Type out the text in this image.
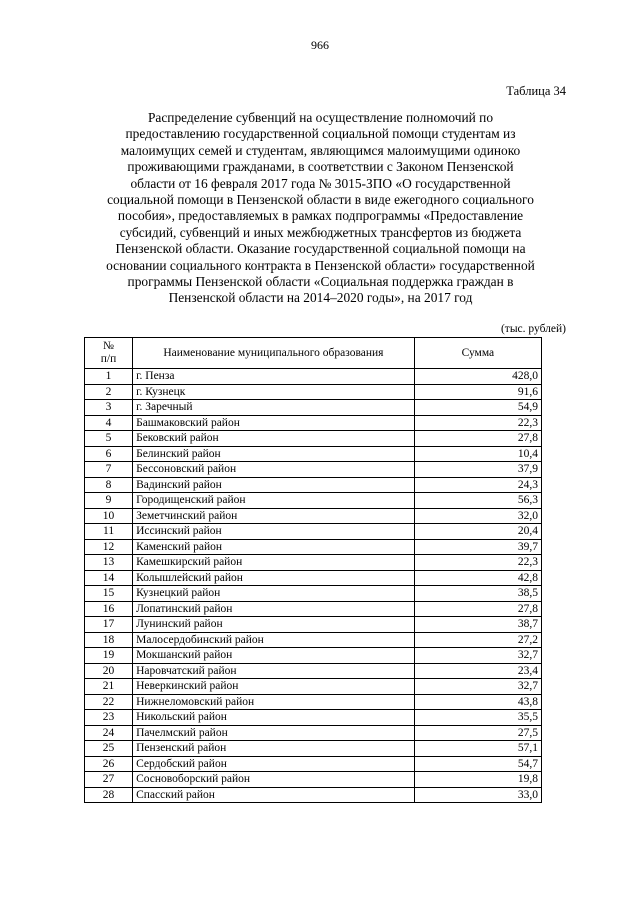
966
Таблица 34
Распределение субвенций на осуществление полномочий по
предоставлению государственной социальной помощи студентам из
малоимущих семей и студентам, являющимся малоимущими одиноко
проживающими гражданами, в соответствии с Законом Пензенской
области от 16 февраля 2017 года № 3015-ЗПО «О государственной
социальной помощи в Пензенской области в виде ежегодного социального
пособия», предоставляемых в рамках подпрограммы «Предоставление
субсидий, субвенций и иных межбюджетных трансфертов из бюджета
Пензенской области. Оказание государственной социальной помощи на
основании социального контракта в Пензенской области» государственной
программы Пензенской области «Социальная поддержка граждан в
Пензенской области на 2014–2020 годы», на 2017 год
(тыс. рублей)
№
п/п	Наименование муниципального образования	Сумма
1	г. Пенза	428,0
2	г. Кузнецк	91,6
3	г. Заречный	54,9
4	Башмаковский район	22,3
5	Бековский район	27,8
6	Белинский район	10,4
7	Бессоновский район	37,9
8	Вадинский район	24,3
9	Городищенский район	56,3
10	Земетчинский район	32,0
11	Иссинский район	20,4
12	Каменский район	39,7
13	Камешкирский район	22,3
14	Колышлейский район	42,8
15	Кузнецкий район	38,5
16	Лопатинский район	27,8
17	Лунинский район	38,7
18	Малосердобинский район	27,2
19	Мокшанский район	32,7
20	Наровчатский район	23,4
21	Неверкинский район	32,7
22	Нижнеломовский район	43,8
23	Никольский район	35,5
24	Пачелмский район	27,5
25	Пензенский район	57,1
26	Сердобский район	54,7
27	Сосновоборский район	19,8
28	Спасский район	33,0
